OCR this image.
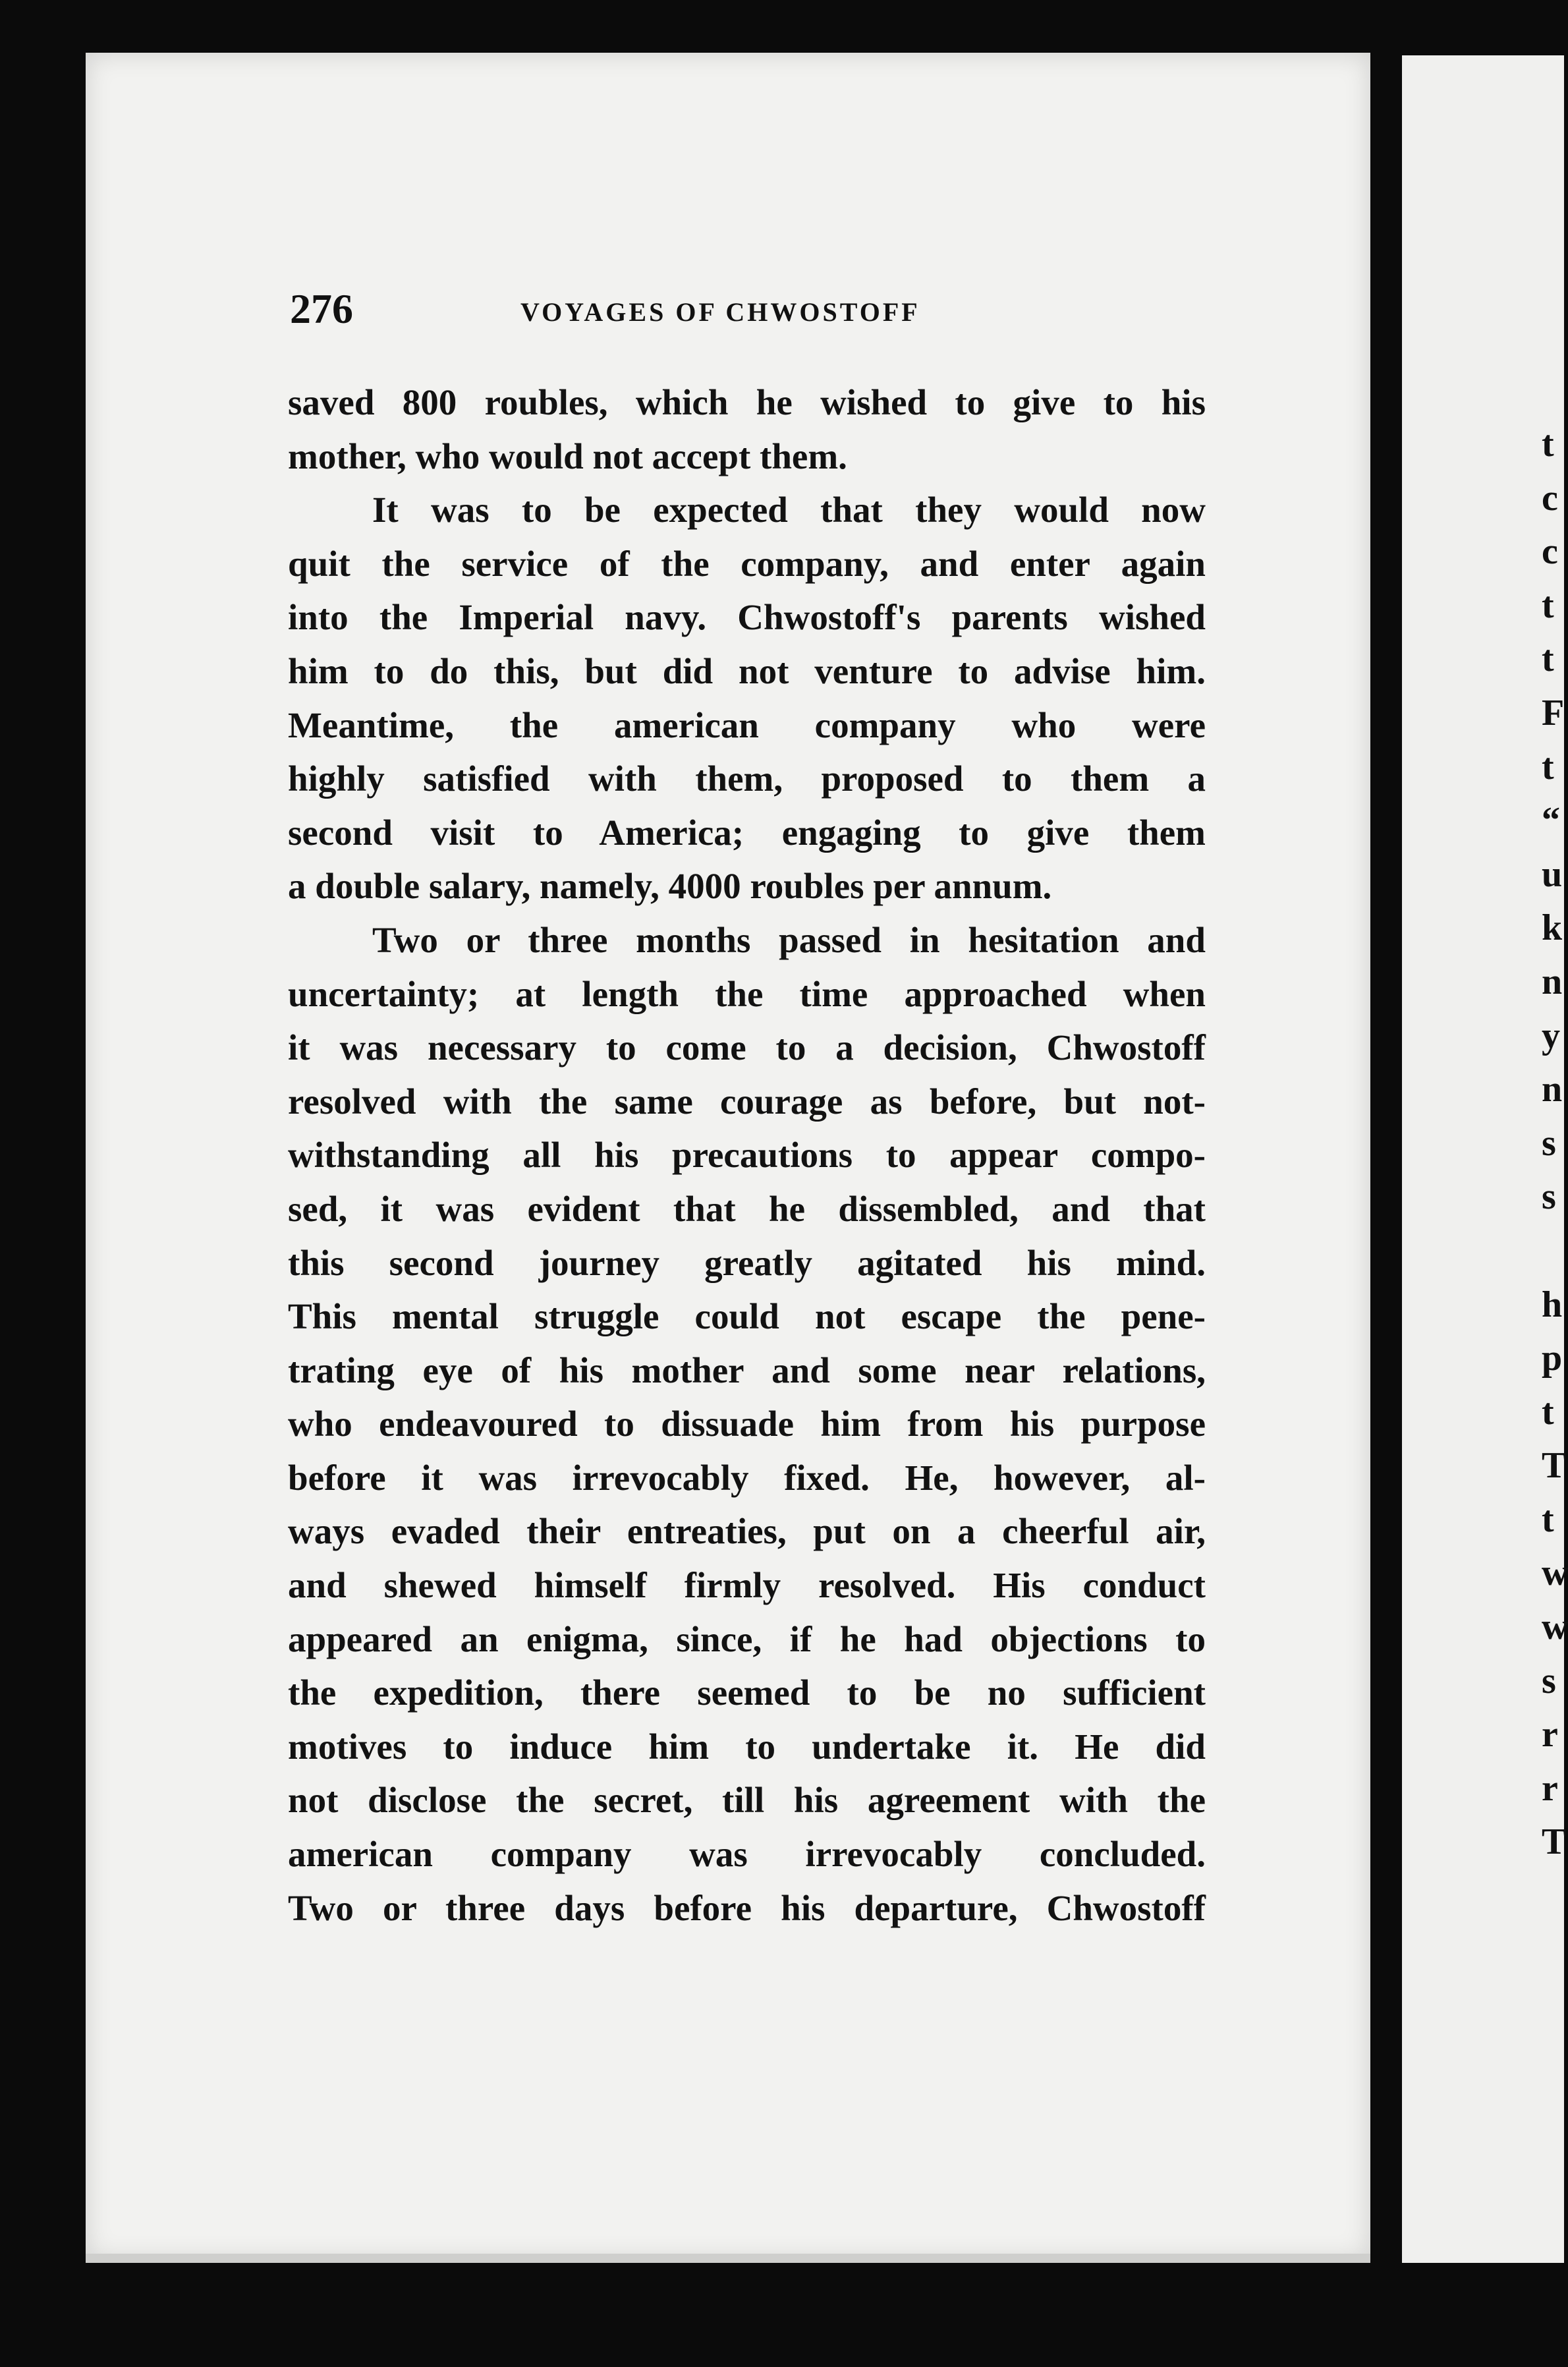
t
c
c
t
t
F
t
“
u
k
n
y
n
s
s

h
p
t
T
t
w
w
s
r
r
T
276	VOYAGES OF CHWOSTOFF
saved 800 roubles, which he wished to give to his
mother, who would not accept them.
It was to be expected that they would now
quit the service of the company, and enter again
into the Imperial navy. Chwostoff's parents wished
him to do this, but did not venture to advise him.
Meantime, the american company who were
highly satisfied with them, proposed to them a
second visit to America; engaging to give them
a double salary, namely, 4000 roubles per annum.
Two or three months passed in hesitation and
uncertainty; at length the time approached when
it was necessary to come to a decision, Chwostoff
resolved with the same courage as before, but not-
withstanding all his precautions to appear compo-
sed, it was evident that he dissembled, and that
this second journey greatly agitated his mind.
This mental struggle could not escape the pene-
trating eye of his mother and some near relations,
who endeavoured to dissuade him from his purpose
before it was irrevocably fixed. He, however, al-
ways evaded their entreaties, put on a cheerful air,
and shewed himself firmly resolved. His conduct
appeared an enigma, since, if he had objections to
the expedition, there seemed to be no sufficient
motives to induce him to undertake it. He did
not disclose the secret, till his agreement with the
american company was irrevocably concluded.
Two or three days before his departure, Chwostoff
